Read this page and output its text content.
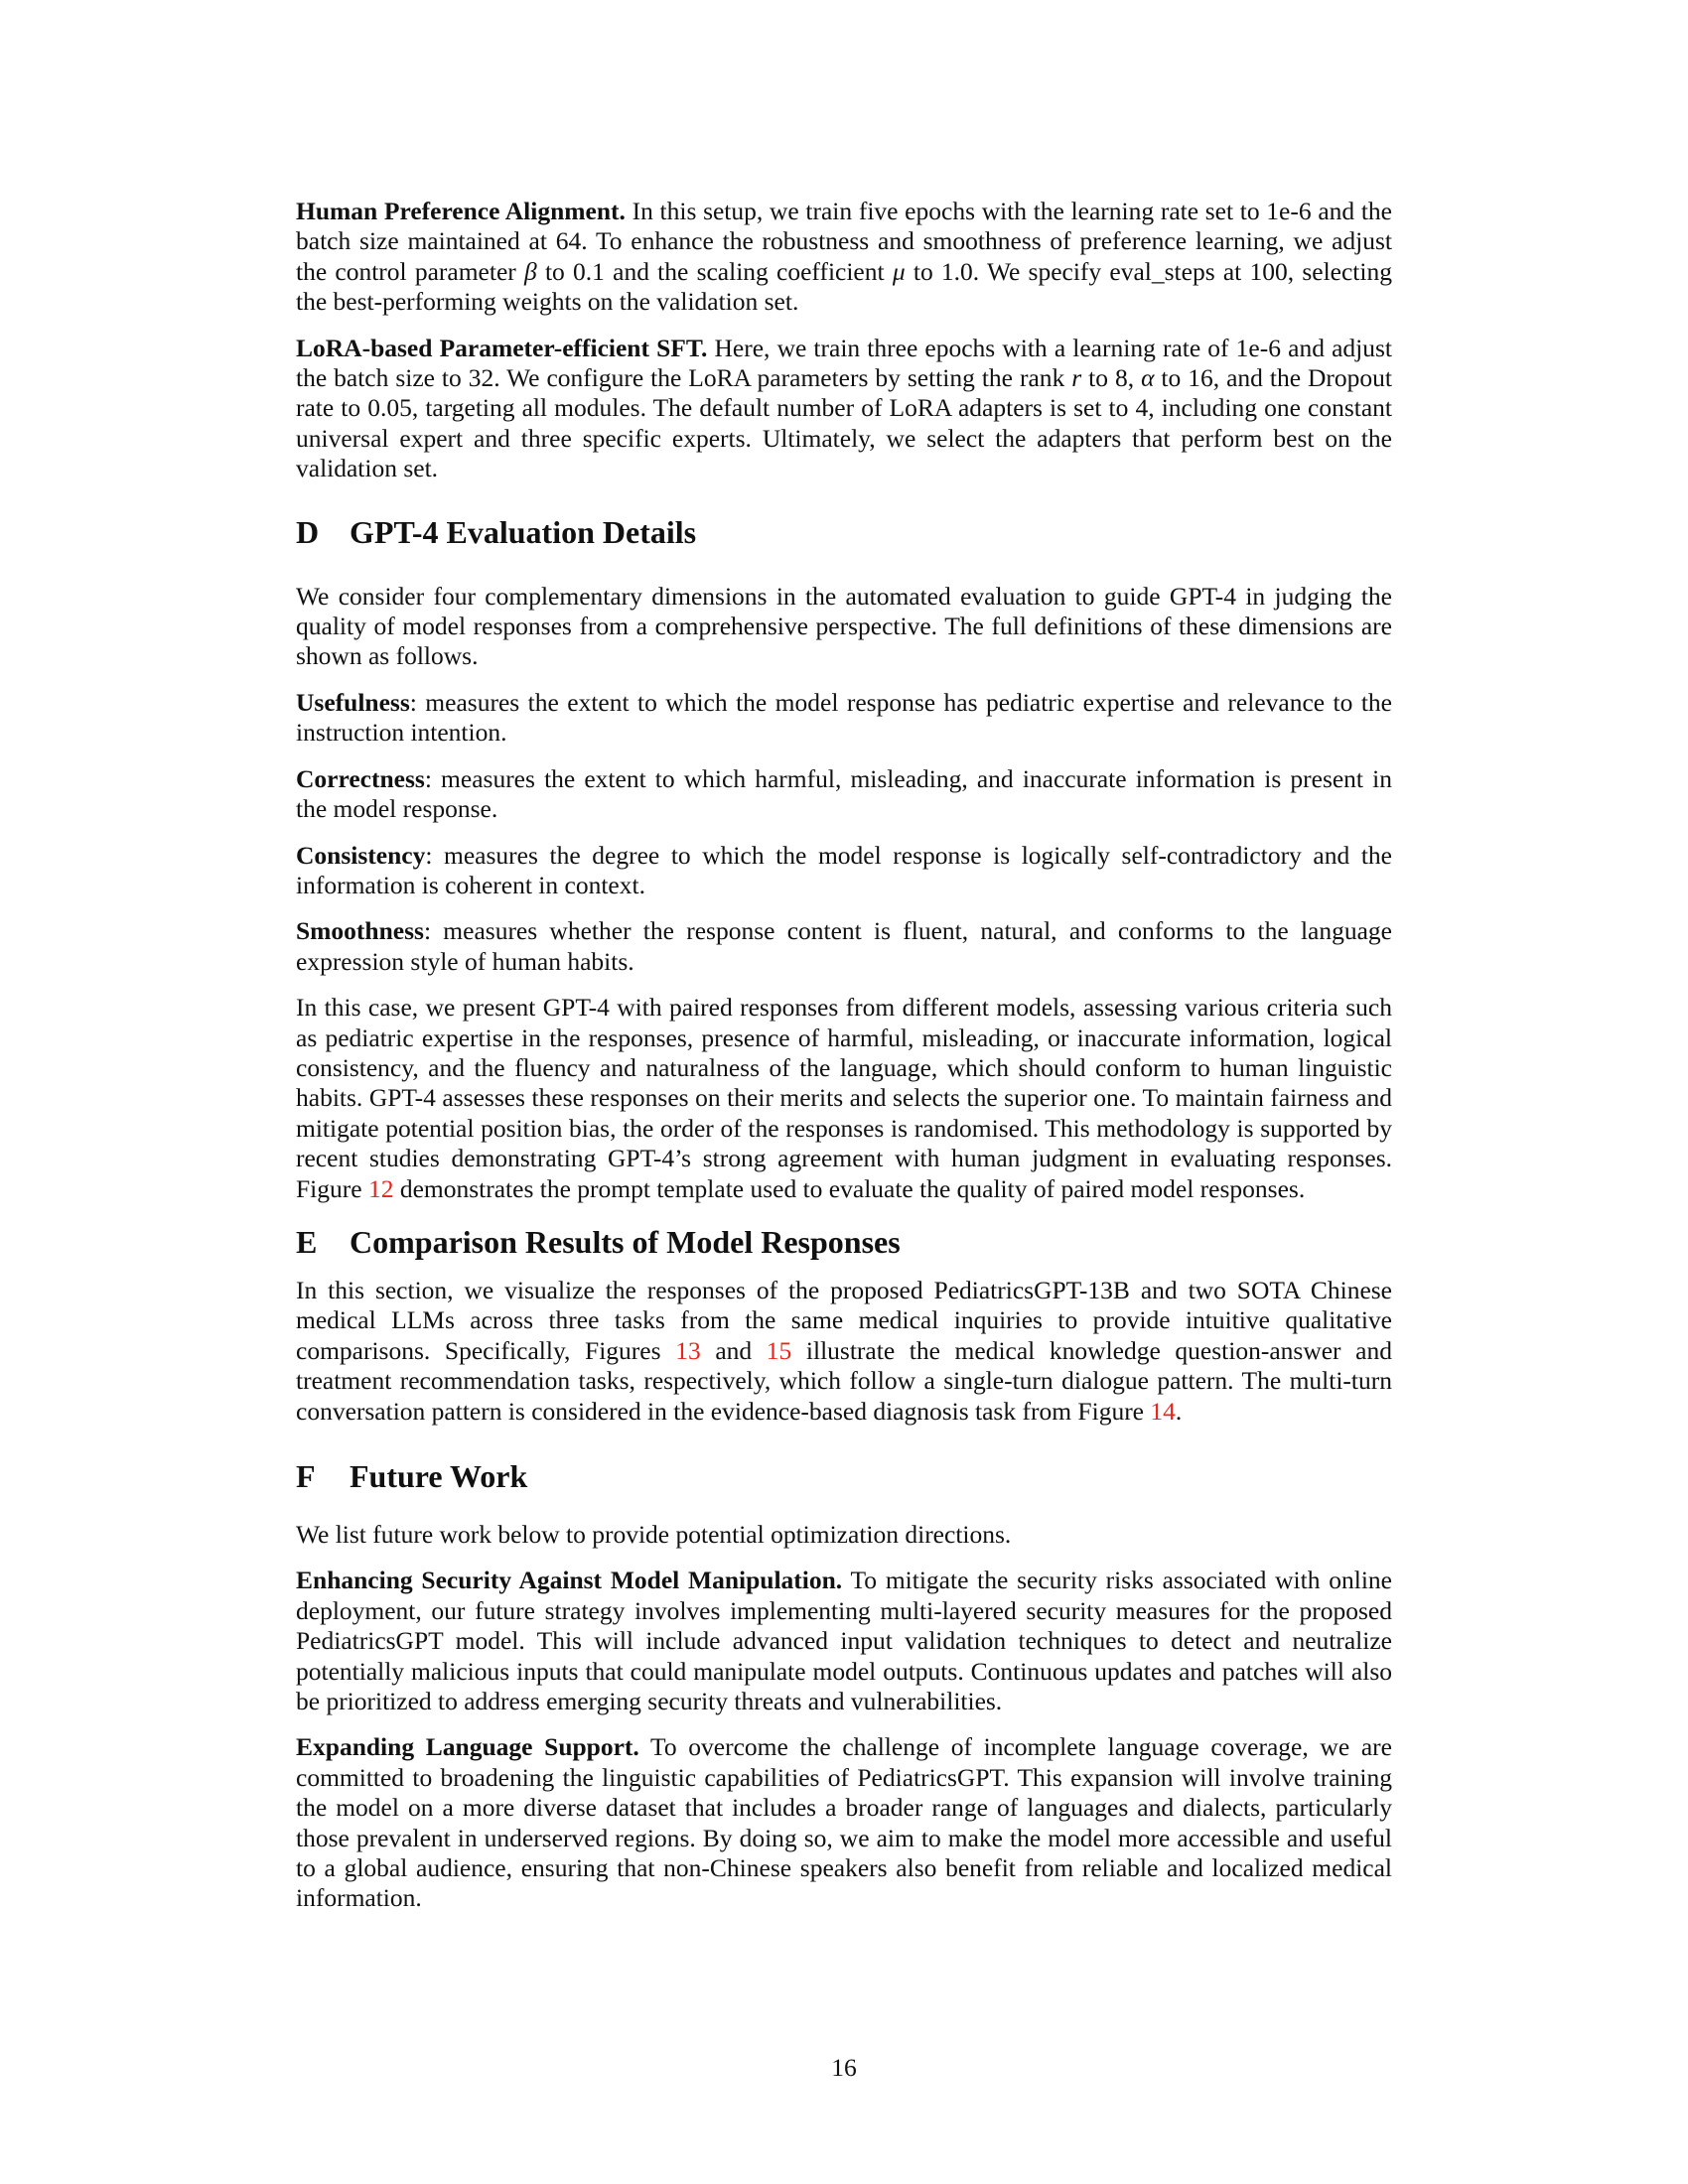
Human Preference Alignment. In this setup, we train five epochs with the learning rate set to 1e-6 and the batch size maintained at 64. To enhance the robustness and smoothness of preference learning, we adjust the control parameter β to 0.1 and the scaling coefficient μ to 1.0. We specify eval_steps at 100, selecting the best-performing weights on the validation set.

LoRA-based Parameter-efficient SFT. Here, we train three epochs with a learning rate of 1e-6 and adjust the batch size to 32. We configure the LoRA parameters by setting the rank r to 8, α to 16, and the Dropout rate to 0.05, targeting all modules. The default number of LoRA adapters is set to 4, including one constant universal expert and three specific experts. Ultimately, we select the adapters that perform best on the validation set.

D GPT-4 Evaluation Details

We consider four complementary dimensions in the automated evaluation to guide GPT-4 in judging the quality of model responses from a comprehensive perspective. The full definitions of these dimensions are shown as follows.

Usefulness: measures the extent to which the model response has pediatric expertise and relevance to the instruction intention.

Correctness: measures the extent to which harmful, misleading, and inaccurate information is present in the model response.

Consistency: measures the degree to which the model response is logically self-contradictory and the information is coherent in context.

Smoothness: measures whether the response content is fluent, natural, and conforms to the language expression style of human habits.

In this case, we present GPT-4 with paired responses from different models, assessing various criteria such as pediatric expertise in the responses, presence of harmful, misleading, or inaccurate information, logical consistency, and the fluency and naturalness of the language, which should conform to human linguistic habits. GPT-4 assesses these responses on their merits and selects the superior one. To maintain fairness and mitigate potential position bias, the order of the responses is randomised. This methodology is supported by recent studies demonstrating GPT-4’s strong agreement with human judgment in evaluating responses. Figure 12 demonstrates the prompt template used to evaluate the quality of paired model responses.

E Comparison Results of Model Responses

In this section, we visualize the responses of the proposed PediatricsGPT-13B and two SOTA Chinese medical LLMs across three tasks from the same medical inquiries to provide intuitive qualitative comparisons. Specifically, Figures 13 and 15 illustrate the medical knowledge question-answer and treatment recommendation tasks, respectively, which follow a single-turn dialogue pattern. The multi-turn conversation pattern is considered in the evidence-based diagnosis task from Figure 14.

F Future Work

We list future work below to provide potential optimization directions.

Enhancing Security Against Model Manipulation. To mitigate the security risks associated with online deployment, our future strategy involves implementing multi-layered security measures for the proposed PediatricsGPT model. This will include advanced input validation techniques to detect and neutralize potentially malicious inputs that could manipulate model outputs. Continuous updates and patches will also be prioritized to address emerging security threats and vulnerabilities.

Expanding Language Support. To overcome the challenge of incomplete language coverage, we are committed to broadening the linguistic capabilities of PediatricsGPT. This expansion will involve training the model on a more diverse dataset that includes a broader range of languages and dialects, particularly those prevalent in underserved regions. By doing so, we aim to make the model more accessible and useful to a global audience, ensuring that non-Chinese speakers also benefit from reliable and localized medical information.

16
